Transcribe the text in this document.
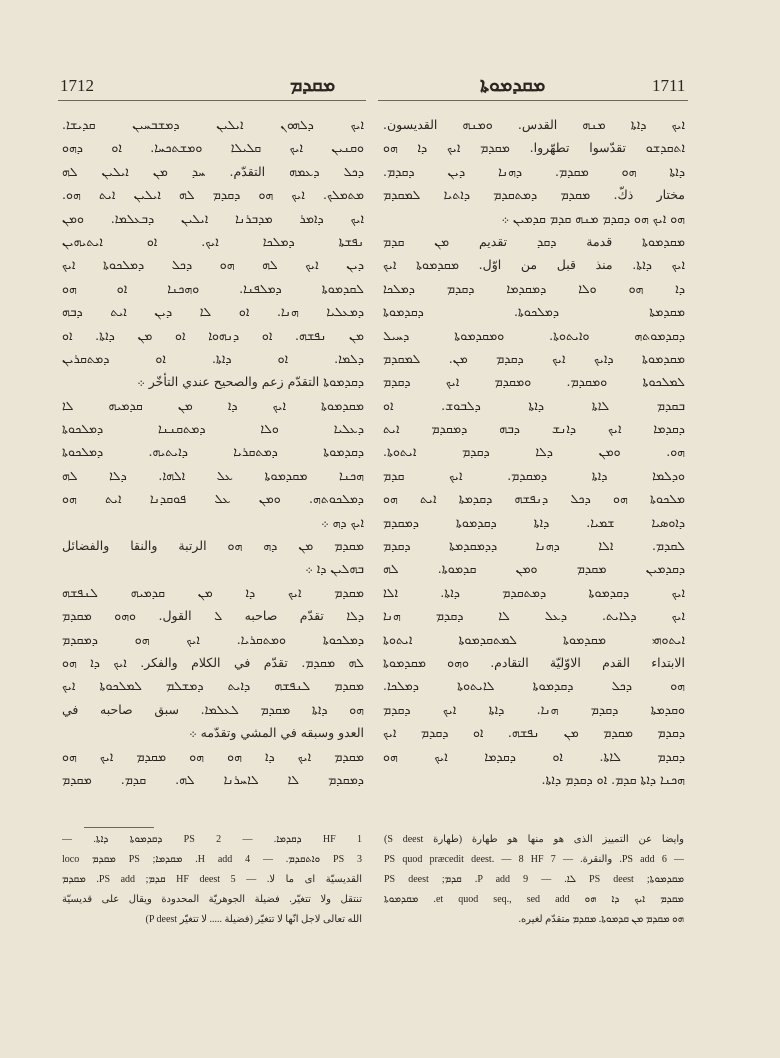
1712	ܡܩܕܡ	ܡܩܕܡܘܬܐ	1711
ܐܝܟ ܕܠܗܘܢ ܐܝܠܝܢ ܕܡܫܒܚܝܢ ܩܕܝܫܐ.
ܘܩܢܝܢ ܐܝܟ ܩܠܝܠܐ ܘܡܫܬܟܚܐ. ܐܘ ܕܗܘ
ܕܟܠ ܕܥܡܗ التقدّم. ܚܕ ܡܢ ܐܝܠܝܢ ܠܗ
ܡܬܡܠܟ. ܐܝܟ ܗܘ ܕܩܕܡ ܠܗ ܐܝܠܝܢ ܐܝܬ ܗܘ.
ܐܝܟ ܕܐܡܪ ܡܕܒܪܢܐ ܐܝܠܝܢ ܕܒܥܠܡܐ. ܘܡܢ
ܢܦܫܬܐ ܕܡܠܟܐ ܐܝܟ. ܐܘ ܐܝܬܝܗܝܢ
ܕܝܢ ܐܝܟ ܠܗ ܗܘ ܕܟܠ ܕܡܠܟܘܬܐ ܐܝܟ
ܠܩܕܡܘܬܐ ܕܡܠܦܢܐ. ܘܗܟܢܐ ܐܘ ܗܘ
ܕܡܥܠܝܐ ܗܢܐ. ܐܘ ܠܐ ܕܝܢ ܐܝܬ ܕܒܗ
ܡܢ ܢܦܫܗ. ܐܘ ܕܢܗܘܐ ܐܘ ܡܢ ܕܐܬܐ. ܐܘ
ܕܠܡܐ. ܐܘ ܕܐܬܐ. ܐܘ ܕܡܬܩܪܝܢ
ܕܩܕܡܘܬܐ التقدّم زعم والصحيح عندي التأخّر ܀
ܡܩܕܡܘܬܐ ܐܝܟ ܕܐ ܡܢ ܩܕܡܝܗ ܠܐ
ܕܥܠܝܐ ܘܠܐ ܕܡܬܩܢܢܐ ܕܡܠܟܘܬܐ
ܕܩܕܡܘܬܐ ܕܡܬܩܪܝܐ ܕܐܝܬܝܗ. ܕܡܠܟܘܬܐ
ܗܟܢܐ ܡܩܕܡܘܬܐ ܥܠ ܐܠܗܐ. ܕܠܐ ܠܗ
ܕܡܠܟܘܬܗ. ܘܡܢ ܥܠ ܦܘܩܕܢܐ ܐܝܬ ܗܘ
ܐܝܟ ܕܗ ܀
ܡܩܕܡ ܡܢ ܕܗ ܗܘ الرتبة والنقا والفضائل
ܒܗܠܝܢ ܕܐ ܀
ܡܩܕܡ ܐܝܟ ܕܐ ܡܢ ܩܕܡܝܗ ܠܢܦܫܗ
ܕܠܐ تقدّم صاحبه ܠ القول. ܘܗܘ ܡܩܕܡ
ܕܡܠܟܘܬܐ ܘܡܬܩܪܝܐ. ܐܝܟ ܗܘ ܕܡܩܕܡ
ܠܗ ܡܩܕܡ. تقدّم في الكلام والفكر. ܐܝܟ ܕܐ ܗܘ
ܡܩܕܡ ܠܢܦܫܗ ܕܐܝܬ ܕܡܫܠܡ ܠܡܠܟܘܬܐ ܐܝܟ
ܗܘ ܕܐܬܐ ܡܩܕܡ ܠܥܠܡܐ. سبق صاحبه في
العدو وسبقه في المشي وتقدّمه ܀
ܡܩܕܡ ܐܝܟ ܕܐ ܗܘ ܗܘ ܡܩܕܡ ܐܝܟ ܗܘ
ܕܡܩܕܡ ܠܐ ܠܐܚܪܢܐ ܠܗ. ܩܕܡ. ܡܩܕܡ
ܐܝܟ ܕܐܬܐ ܡܢܗ القدس. ܘܡܢܗ القديسون.
ܐܬܩܕܫܘ تقدّسوا تطهّروا. ܡܩܕܡ ܐܝܟ ܕܐ ܗܘ
ܕܐܬܐ ܗܘ ܡܩܕܡ. ܕܗܢܐ ܕܝܢ ܕܩܕܡ.
مختار ذكّ. ܡܩܕܡ ܕܡܬܩܕܡ ܕܐܬܝܐ ܠܡܩܕܡ
ܗܘ ܐܝܟ ܗܘ ܕܩܕܡ ܡܢܗ ܩܕܡ ܩܕܡܝܢ ܀
ܡܩܕܡܘܬܐ قدمة ܕܩܕ تقديم ܡܢ ܩܕܡ
ܐܝܟ ܕܐܬܐ. منذ قبل من اوّل. ܡܩܕܡܘܬܐ ܐܝܟ
ܕܐ ܗܘ ܘܠܐ ܕܡܩܕܡܐ ܕܩܕܡ ܕܡܠܟܐ
ܡܩܕܡܬܐ ܕܡܠܟܘܬܐ. ܕܩܕܡܘܬܐ
ܕܩܕܡܘܬܗ ܘܐܝܬܘܬܐ. ܘܡܩܕܡܘܬܐ ܕܚܝܠ
ܡܩܕܡܘܬܐ ܕܐܝܟ ܐܝܟ ܕܩܕܡ ܡܢ. ܠܡܩܕܡ
ܠܡܠܟܘܬܐ ܘܡܩܕܡ. ܘܡܩܕܡ ܐܝܟ ܕܩܕܡ
ܒܩܕܡ ܠܐܬܐ ܕܐܬܐ ܕܠܒܘܫ. ܐܘ
ܕܩܕܡܐ ܐܝܟ ܕܐܢܫ ܕܒܗ ܕܡܩܕܡ ܐܝܬ
ܗܘ. ܘܡܢ ܕܠܐ ܕܩܕܡ ܐܝܬܘܬܐ.
ܘܕܠܡܐ ܕܐܬܐ ܕܡܩܕܡ. ܐܝܟ ܩܕܡ
ܡܠܟܘܬܐ ܗܘ ܕܟܠ ܕܢܦܫܗ ܕܩܕܡܬܐ ܐܝܬ ܗܘ
ܕܐܘܣܝܐ ܫܡܝܐ. ܕܐܬܐ ܕܩܕܡܘܬܐ ܕܡܩܕܡ
ܠܩܕܡ. ܐܠܐ ܕܗܢܐ ܕܕܡܩܕܡܬܐ ܕܩܕܡ
ܕܩܕܡܝܢ ܡܩܕܡ ܘܡܢ ܩܕܡܘܬܐ. ܠܗ
ܐܝܟ ܕܩܕܡܘܬܐ ܕܡܬܩܕܡ ܕܐܬܐ. ܐܠܐ
ܐܝܟ ܕܠܐܝܬ. ܕܥܠ ܠܐ ܕܩܕܡ ܗܢܐ
ܐܝܬܘܗܝ ܡܩܕܡܘܬܐ ܠܡܬܩܕܡܘܬܐ ܐܝܬܘܬܐ
الابتداء القدم الاوّليّة التقادم. ܘܗܘ ܡܩܕܡܘܬܐ
ܗܘ ܕܟܠ ܕܩܕܡܘܬܐ ܠܐܝܬܘܬܐ ܕܡܠܟܐ.
ܘܩܕܡܬܐ ܕܩܕܡ ܗܢܐ. ܕܐܬܐ ܐܝܟ ܕܩܕܡ
ܕܩܕܡ ܡܩܕܡ ܡܢ ܢܦܫܗ. ܐܘ ܕܩܕܡ ܐܝܟ
ܕܩܕܡ ܠܐܬܐ. ܐܘ ܕܩܕܡܐ ܐܝܟ ܗܘ
ܗܟܢܐ ܕܐܬܐ ܩܕܡ. ܐܘ ܕܩܕܡ ܕܐܬܐ.
1 HF ܕܩܕܡܐ. — 2 PS ܕܩܕܡܘܬܐ ܕܐܬܐ. —
3 PS ܘܐܬܩܕܡ. — 4 H add. ܡܩܕܡܐ; PS ܡܩܕܡ loco
القديسيّة اى ما لا. — 5 HF deest ܩܕܡ; PS add. ܡܩܕܡ
تنتقل ولا تتغيّر. فضيلة الجوهريّة المحدودة ويقال على قديسيّة
الله تعالى لاجل انّها لا تتغيّر (فضيلة ..... لا تتغيّر P deest)
وايضا عن التمييز الذى هو منها هو طهارة (طهارة S deest)
— 6 PS add. والنقرة. — 7 PS quod præcedit deest. — 8 HF
ܡܩܕܡܘܬܐ; PS deest ܠܐ. — 9 P add. ܩܕܡ; PS deest
ܡܩܕܡ ܐܝܟ ܕܐ ܗܘ et quod seq., sed add. ܡܩܕܡܘܬܐ
ܗܘ ܡܩܕܡ ܡܢ ܩܕܡܘܬܐ. ܡܩܕܡ متقدّم لغيره.
